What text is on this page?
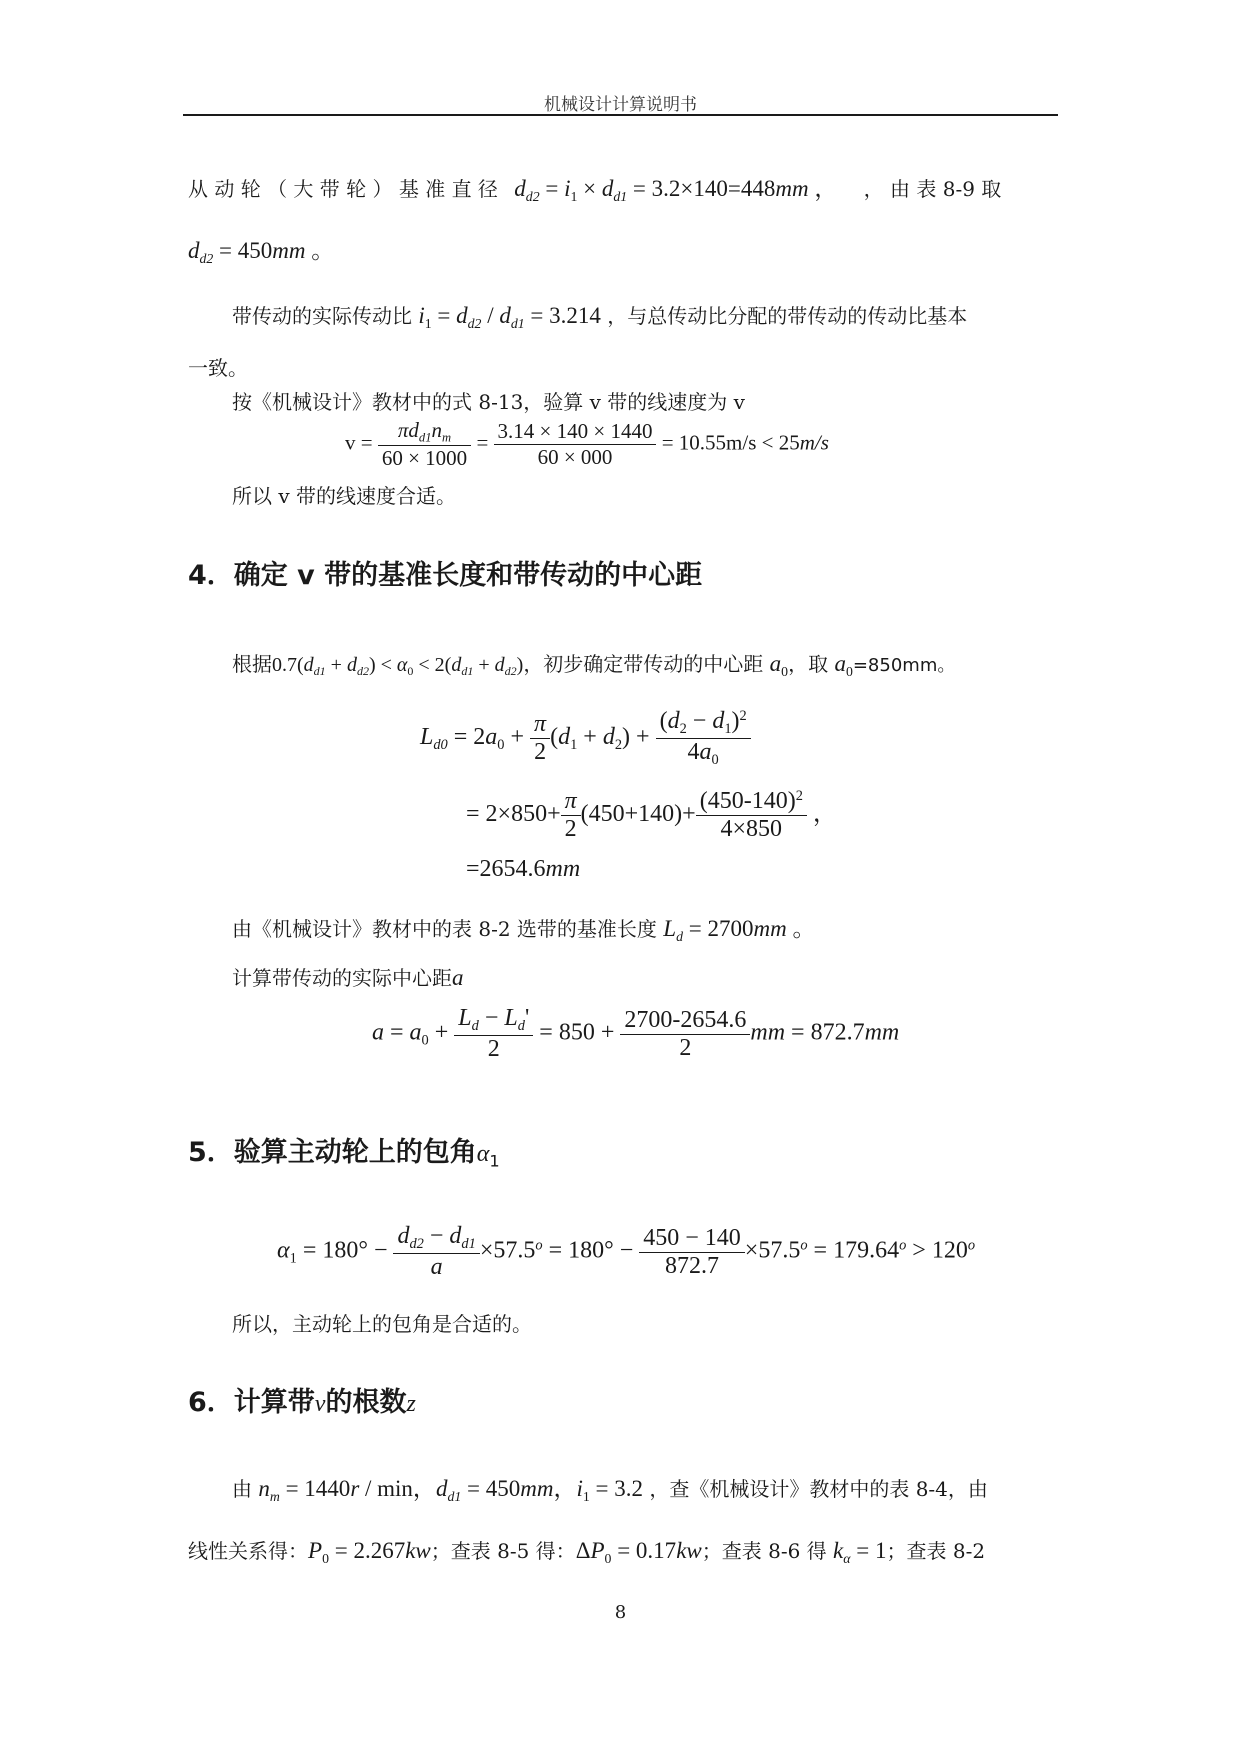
机械设计计算说明书
从 动 轮 （ 大 带 轮 ） 基 准 直 径 $d_{d2} = i_1 \times d_{d1} = 3.2\times 140=448mm$ ， ， 由 表 8-9 取
$d_{d2} = 450mm$ 。
带传动的实际传动比 $i_1 = d_{d2} / d_{d1} = 3.214$ ，与总传动比分配的带传动的传动比基本
一致。
按《机械设计》教材中的式 8-13，验算 v 带的线速度为 v
$v = \frac{\pi d_{d1}n_m}{60 \times 1000} = \frac{3.14 \times 140 \times 1440}{60 \times 000} = 10.55m/s < 25m/s$
所以 v 带的线速度合适。
4．确定 v 带的基准长度和带传动的中心距
根据$0.7(d_{d1} + d_{d2}) < \alpha_0 < 2(d_{d1} + d_{d2})$，初步确定带传动的中心距 $a_0$，取 $a_0=850mm$。
$L_{d0} = 2a_0 + \frac{\pi}{2} (d_1 + d_2) + \frac{(d_2 - d_1)^2}{4a_0}$
= $2\times 850+ \frac{\pi}{2} (450+140)+ \frac{(450-140)^2}{4\times 850}$ ，
=2654.6mm
由《机械设计》教材中的表 8-2 选带的基准长度 $L_d = 2700mm$ 。
计算带传动的实际中心距a
$a = a_0 + \frac{L_d - L_d'}{2} = 850 + \frac{2700-2654.6}{2}$ mm = 872.7mm
5．验算主动轮上的包角$\alpha_1$
$\alpha_1 = 180^\circ - \frac{d_{d2} - d_{d1}}{a} \times 57.5^o = 180^\circ - \frac{450 - 140}{872.7} \times 57.5^o = 179.64^o > 120^o$
所以，主动轮上的包角是合适的。
6．计算带v的根数z
由 $n_m = 1440r / \min$，$d_{d1} = 450mm$，$i_1 = 3.2$ ，查《机械设计》教材中的表 8-4，由
线性关系得：$P_0 = 2.267kw$；查表 8-5 得：$\Delta P_0 = 0.17kw$；查表 8-6 得 $k_\alpha = 1$；查表 8-2
8
